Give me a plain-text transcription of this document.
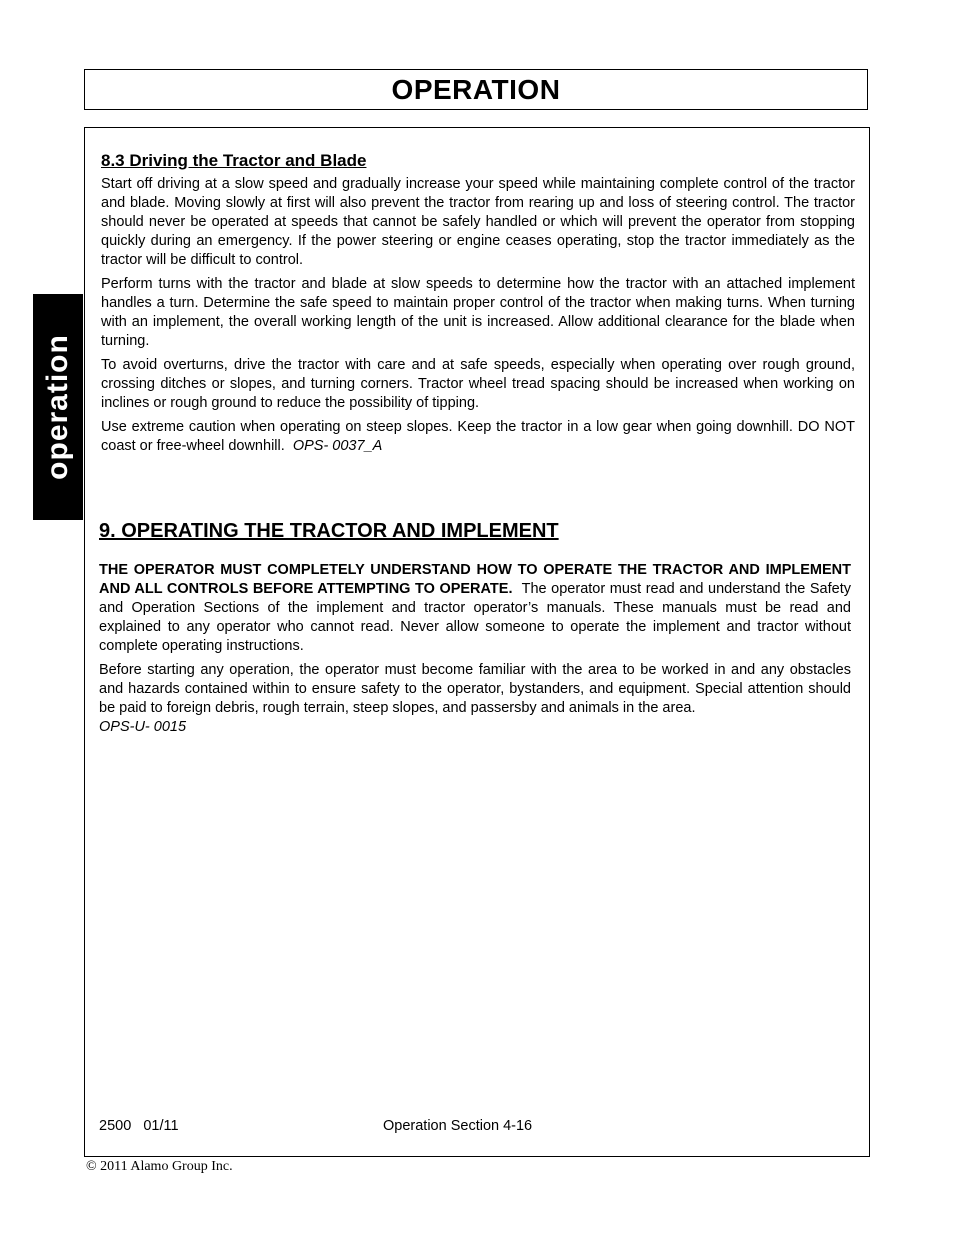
OPERATION
operation
8.3 Driving the Tractor and Blade

Start off driving at a slow speed and gradually increase your speed while maintaining complete control of the tractor and blade. Moving slowly at first will also prevent the tractor from rearing up and loss of steering control. The tractor should never be operated at speeds that cannot be safely handled or which will prevent the operator from stopping quickly during an emergency. If the power steering or engine ceases operating, stop the tractor immediately as the tractor will be difficult to control.

Perform turns with the tractor and blade at slow speeds to determine how the tractor with an attached implement handles a turn. Determine the safe speed to maintain proper control of the tractor when making turns. When turning with an implement, the overall working length of the unit is increased. Allow additional clearance for the blade when turning.

To avoid overturns, drive the tractor with care and at safe speeds, especially when operating over rough ground, crossing ditches or slopes, and turning corners. Tractor wheel tread spacing should be increased when working on inclines or rough ground to reduce the possibility of tipping.

Use extreme caution when operating on steep slopes. Keep the tractor in a low gear when going downhill. DO NOT coast or free-wheel downhill. OPS- 0037_A

9. OPERATING THE TRACTOR AND IMPLEMENT

THE OPERATOR MUST COMPLETELY UNDERSTAND HOW TO OPERATE THE TRACTOR AND IMPLEMENT AND ALL CONTROLS BEFORE ATTEMPTING TO OPERATE. The operator must read and understand the Safety and Operation Sections of the implement and tractor operator’s manuals. These manuals must be read and explained to any operator who cannot read. Never allow someone to operate the implement and tractor without complete operating instructions.

Before starting any operation, the operator must become familiar with the area to be worked in and any obstacles and hazards contained within to ensure safety to the operator, bystanders, and equipment. Special attention should be paid to foreign debris, rough terrain, steep slopes, and passersby and animals in the area.
OPS-U- 0015

2500   01/11	Operation Section 4-16
© 2011 Alamo Group Inc.
